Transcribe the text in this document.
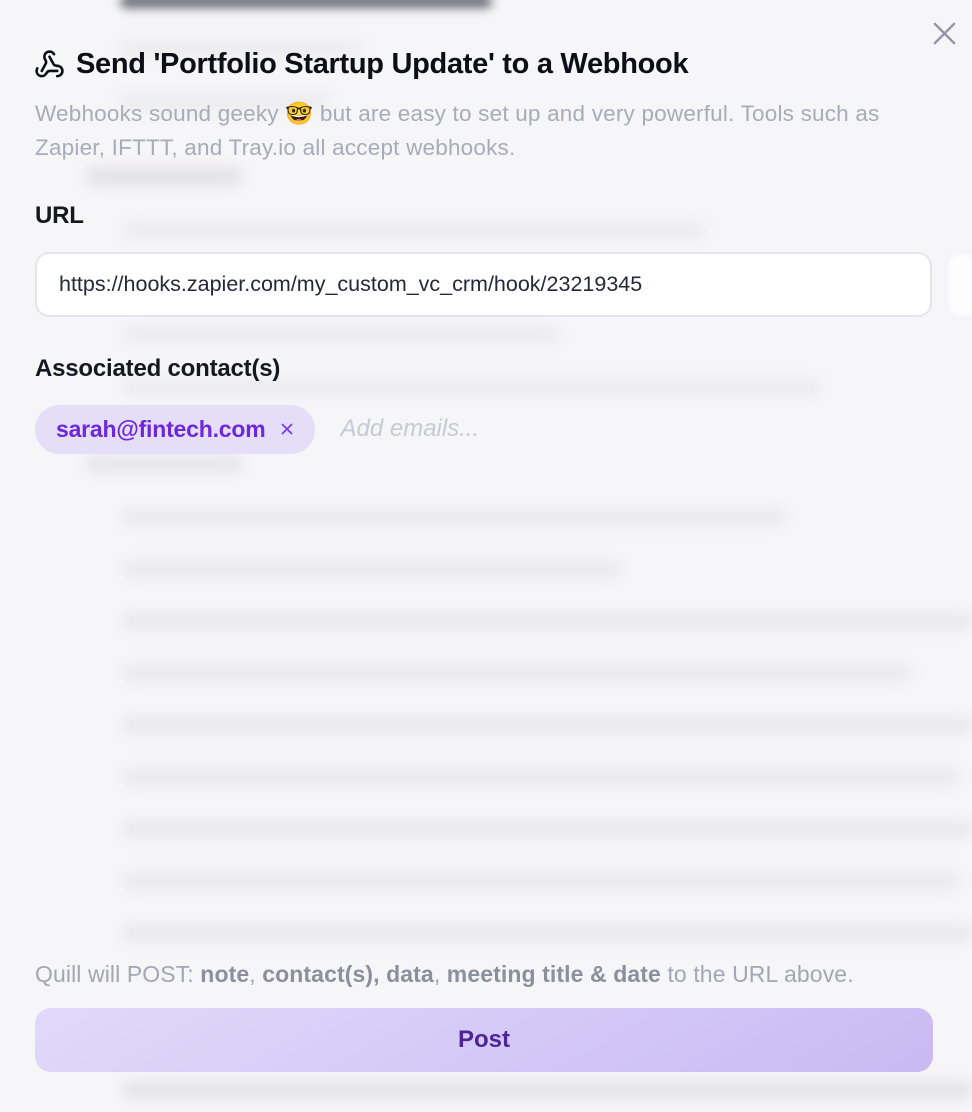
Send 'Portfolio Startup Update' to a Webhook
Webhooks sound geeky 🤓 but are easy to set up and very powerful. Tools such as Zapier, IFTTT, and Tray.io all accept webhooks.
URL
https://hooks.zapier.com/my_custom_vc_crm/hook/23219345
Associated contact(s)
sarah@fintech.com
Add emails...
Quill will POST: note, contact(s), data, meeting title & date to the URL above.
Post
